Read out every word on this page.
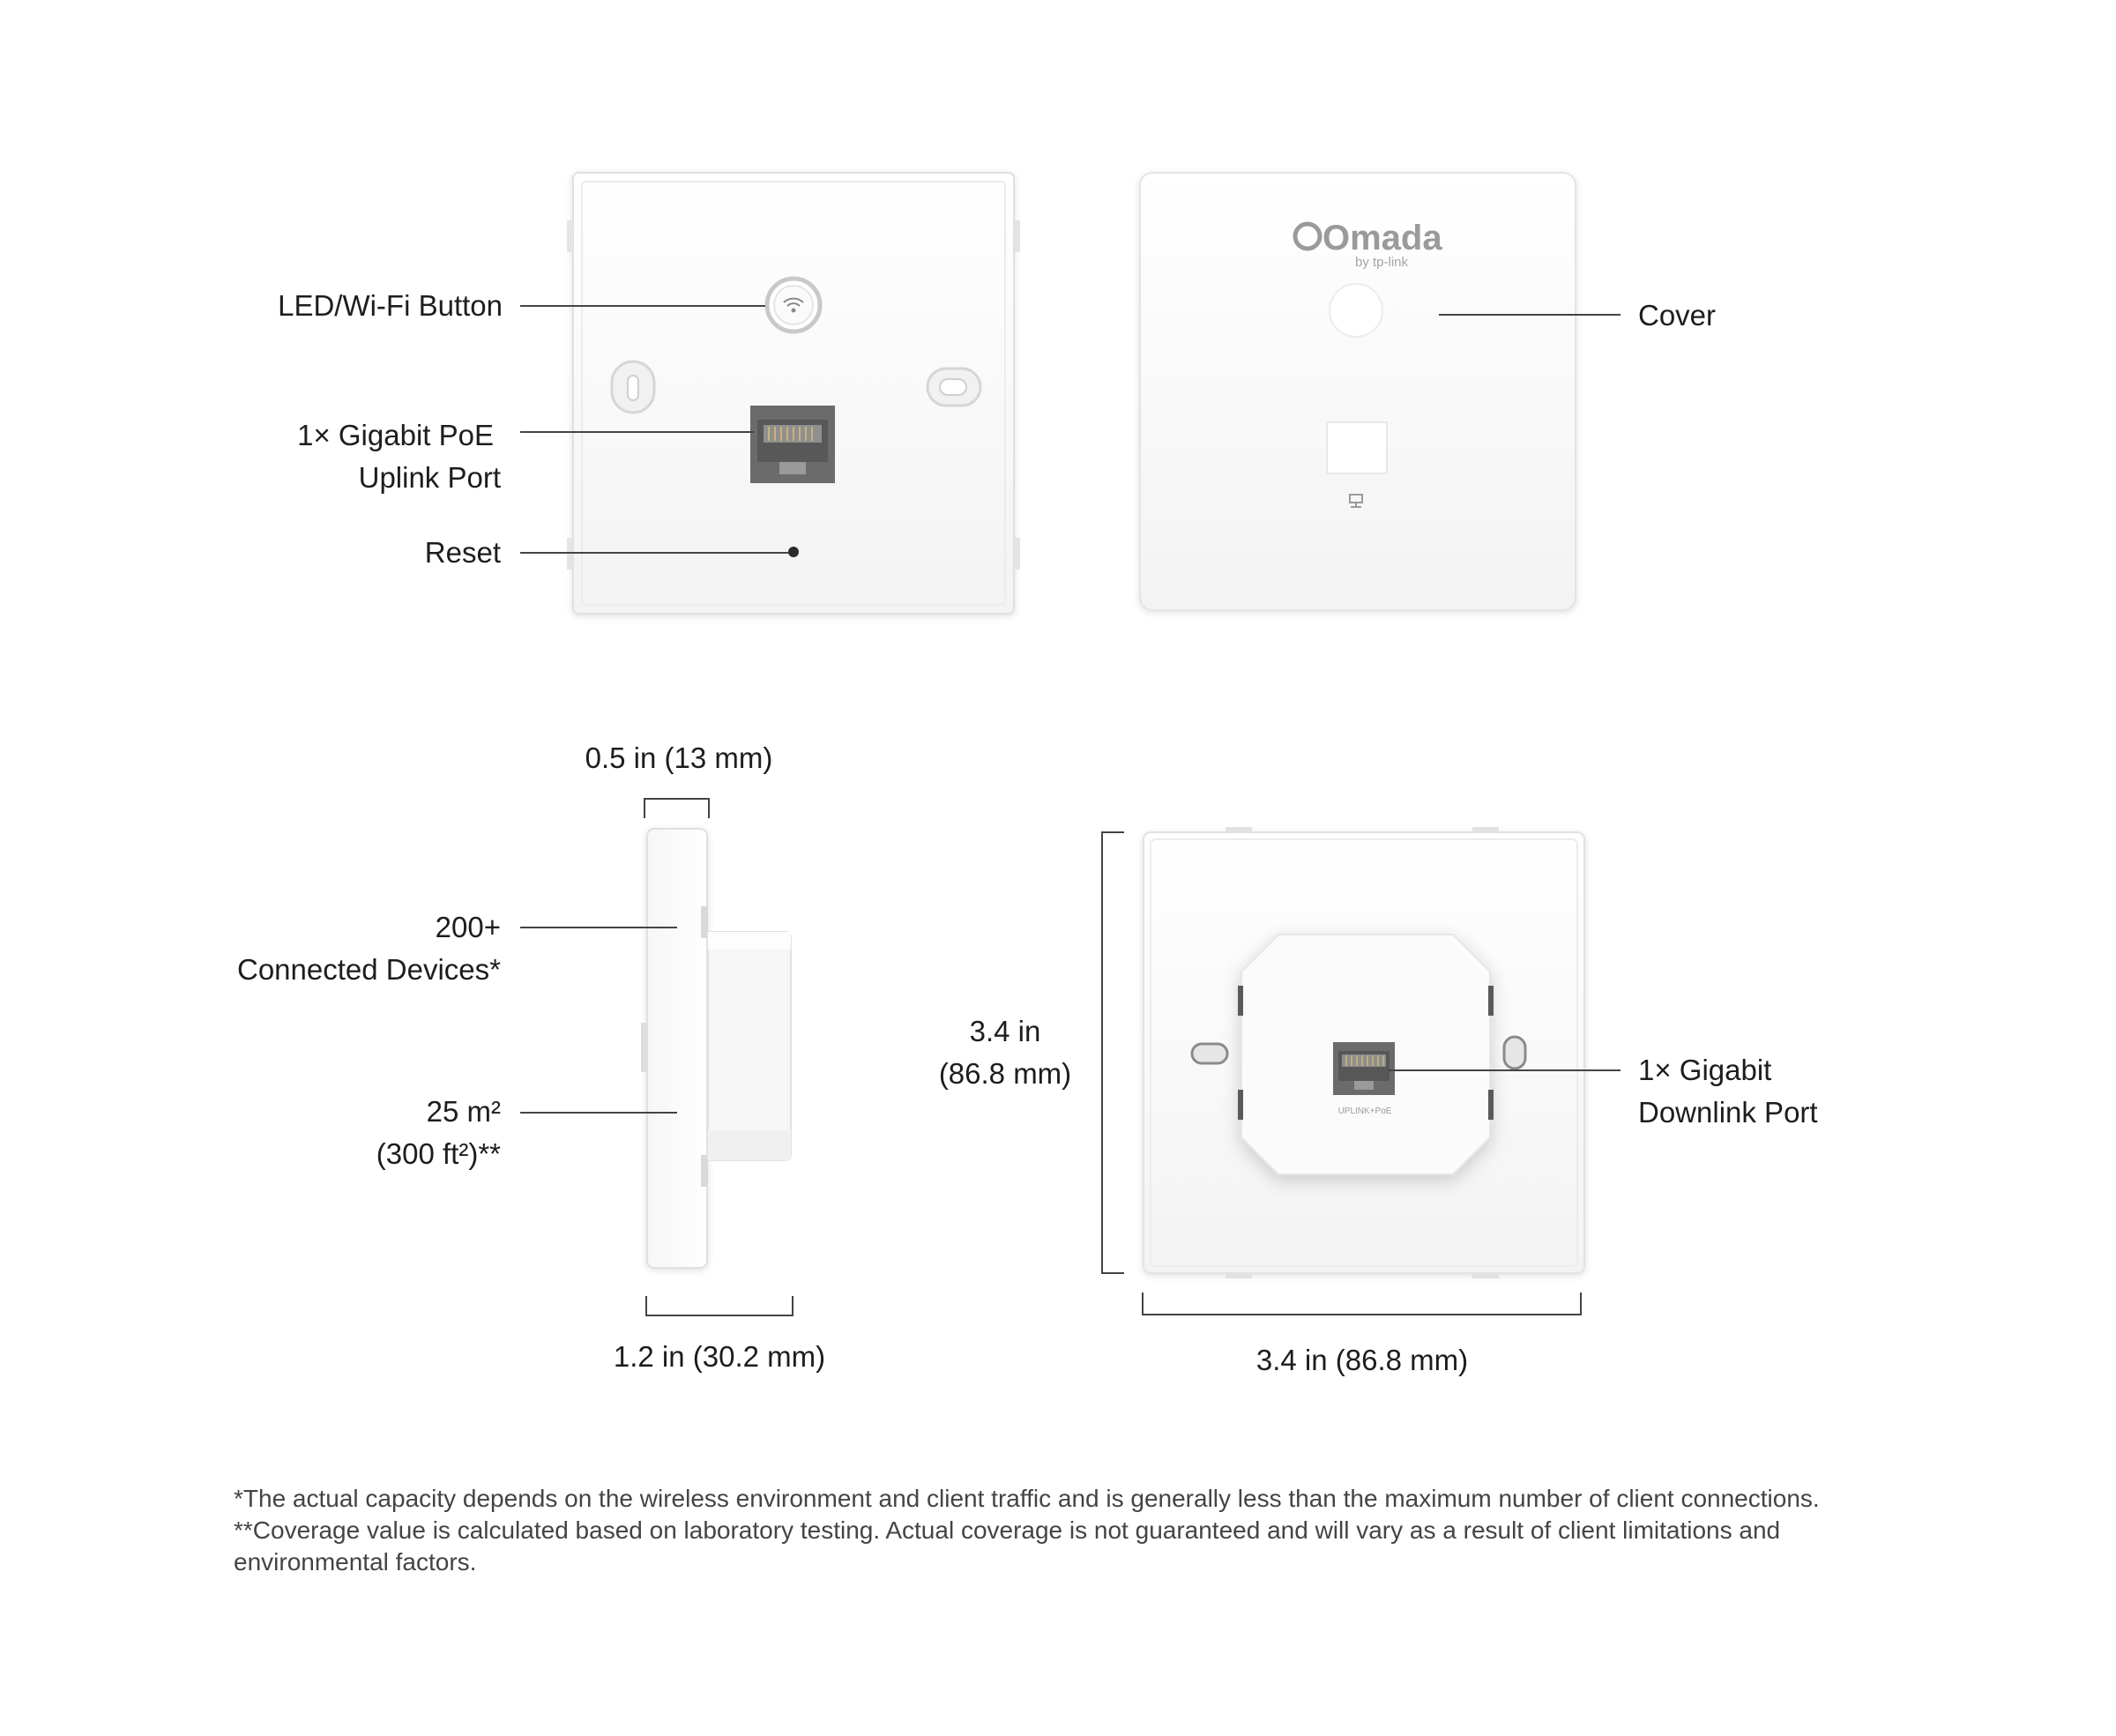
Omada
by tp-link
UPLINK+PoE
LED/Wi-Fi Button
1× Gigabit PoE
Uplink Port
Reset
Cover
0.5 in (13 mm)
200+
Connected Devices*
25 m²
(300 ft²)**
1.2 in (30.2 mm)
3.4 in
(86.8 mm)
3.4 in (86.8 mm)
1× Gigabit
Downlink Port
*The actual capacity depends on the wireless environment and client traffic and is generally less than the maximum number of client connections.
**Coverage value is calculated based on laboratory testing. Actual coverage is not guaranteed and will vary as a result of client limitations and
environmental factors.
